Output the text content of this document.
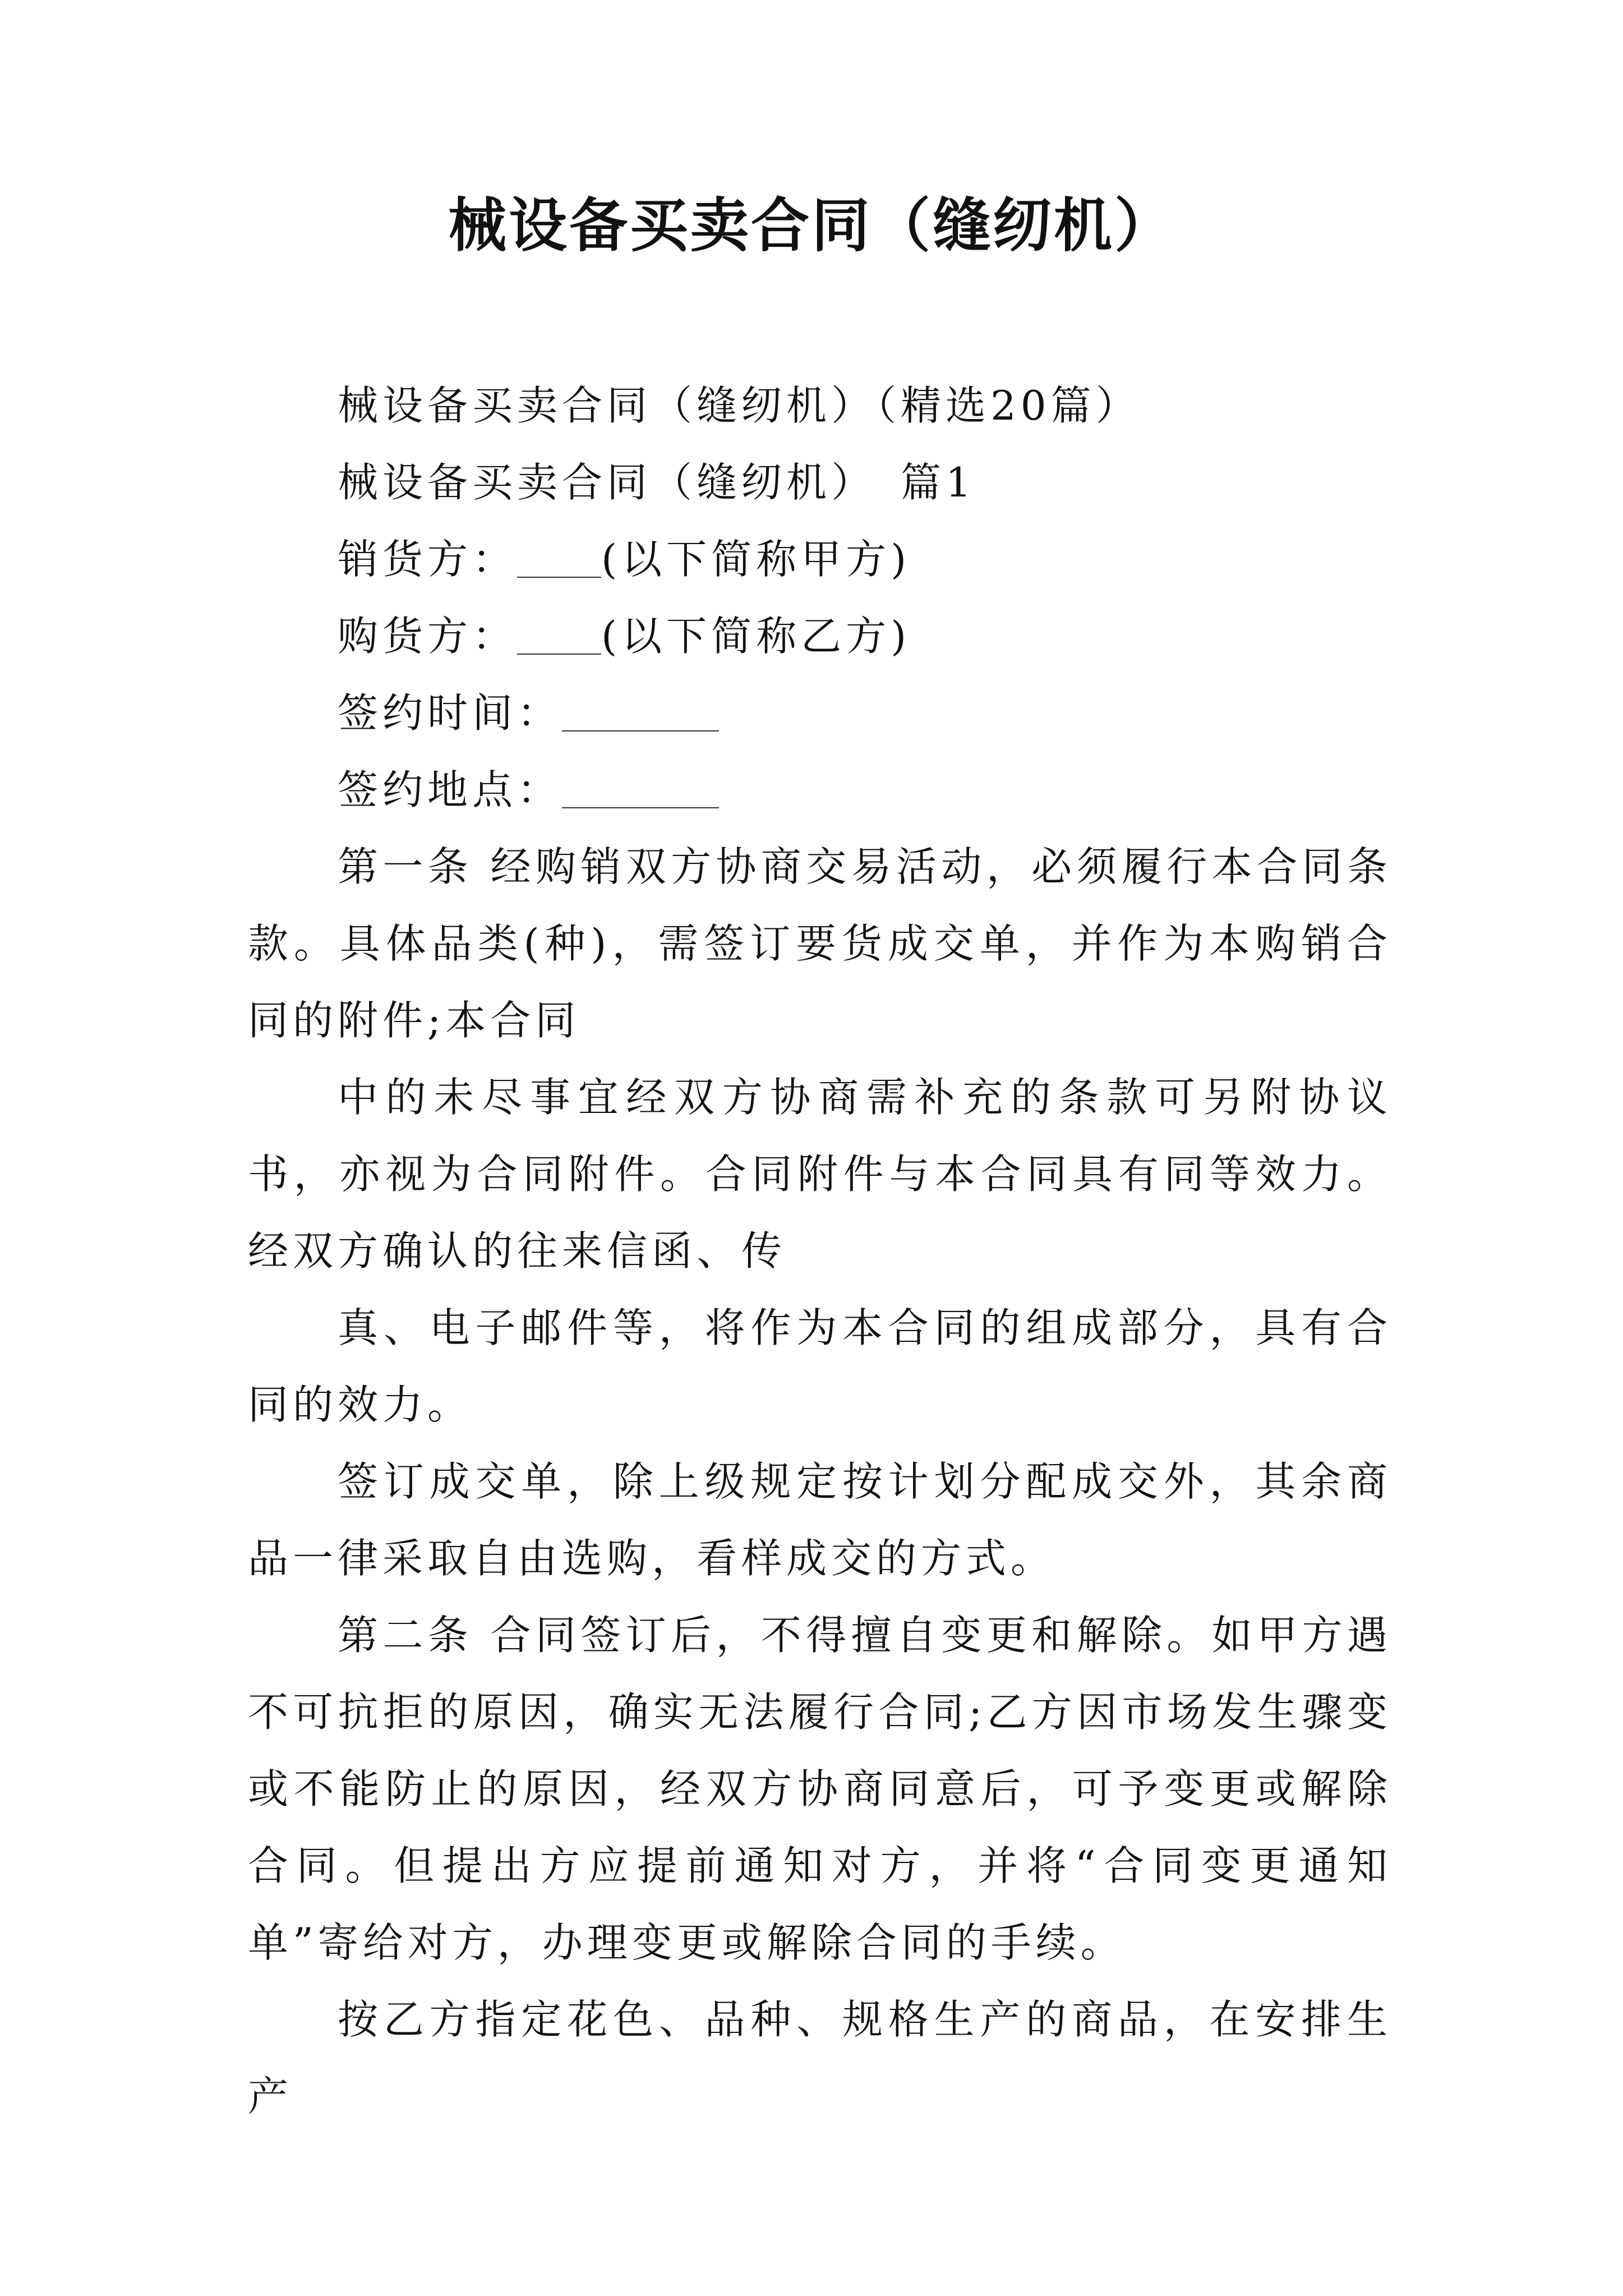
械设备买卖合同（缝纫机）

械设备买卖合同（缝纫机）（精选20篇）

械设备买卖合同（缝纫机）　篇1

销货方： (以下简称甲方)

购货方： (以下简称乙方)

签约时间：

签约地点：

第一条 经购销双方协商交易活动，必须履行本合同条款。具体品类(种)，需签订要货成交单，并作为本购销合同的附件;本合同

中的未尽事宜经双方协商需补充的条款可另附协议书，亦视为合同附件。合同附件与本合同具有同等效力。经双方确认的往来信函、传

真、电子邮件等，将作为本合同的组成部分，具有合同的效力。

签订成交单，除上级规定按计划分配成交外，其余商品一律采取自由选购，看样成交的方式。

第二条 合同签订后，不得擅自变更和解除。如甲方遇不可抗拒的原因，确实无法履行合同;乙方因市场发生骤变或不能防止的原因，经双方协商同意后，可予变更或解除合同。但提出方应提前通知对方，并将“合同变更通知单”寄给对方，办理变更或解除合同的手续。

按乙方指定花色、品种、规格生产的商品，在安排生产
